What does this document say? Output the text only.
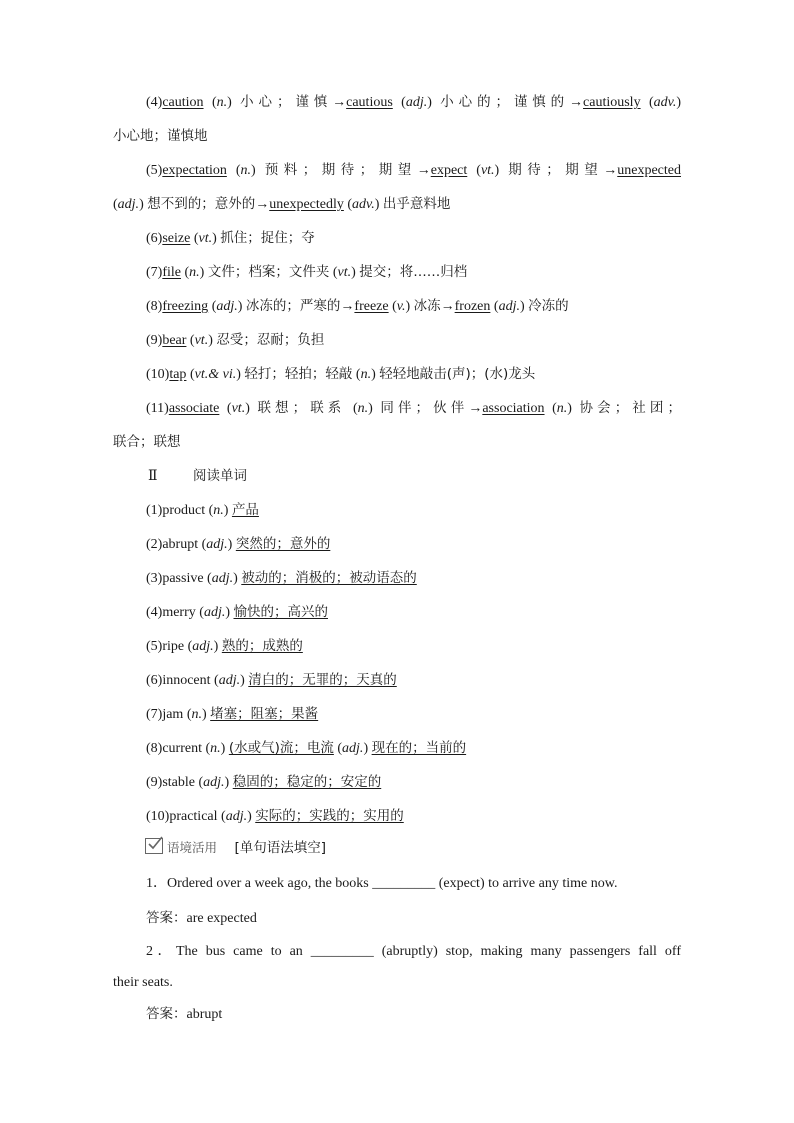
(4)caution (n.) 小心；谨慎→cautious (adj.) 小心的；谨慎的→cautiously (adv.)
小心地；谨慎地
(5)expectation (n.) 预料；期待；期望→expect (vt.) 期待；期望→unexpected
(adj.) 想不到的；意外的→unexpectedly (adv.) 出乎意料地
(6)seize (vt.) 抓住；捉住；夺
(7)file (n.) 文件；档案；文件夹 (vt.) 提交；将……归档
(8)freezing (adj.) 冰冻的；严寒的→freeze (v.) 冰冻→frozen (adj.) 冷冻的
(9)bear (vt.) 忍受；忍耐；负担
(10)tap (vt.& vi.) 轻打；轻拍；轻敲 (n.) 轻轻地敲击(声)；(水)龙头
(11)associate (vt.) 联想；联系 (n.) 同伴；伙伴→association (n.) 协会；社团；
联合；联想
Ⅱ	阅读单词
(1)product (n.) 产品
(2)abrupt (adj.) 突然的；意外的
(3)passive (adj.) 被动的；消极的；被动语态的
(4)merry (adj.) 愉快的；高兴的
(5)ripe (adj.) 熟的；成熟的
(6)innocent (adj.) 清白的；无罪的；天真的
(7)jam (n.) 堵塞；阻塞；果酱
(8)current (n.) (水或气)流；电流 (adj.) 现在的；当前的
(9)stable (adj.) 稳固的；稳定的；安定的
(10)practical (adj.) 实际的；实践的；实用的
语境活用 [单句语法填空]
1．Ordered over a week ago, the books _________ (expect) to arrive any time now.
答案：are expected
2．The bus came to an _________ (abruptly) stop, making many passengers fall off
their seats.
答案：abrupt
